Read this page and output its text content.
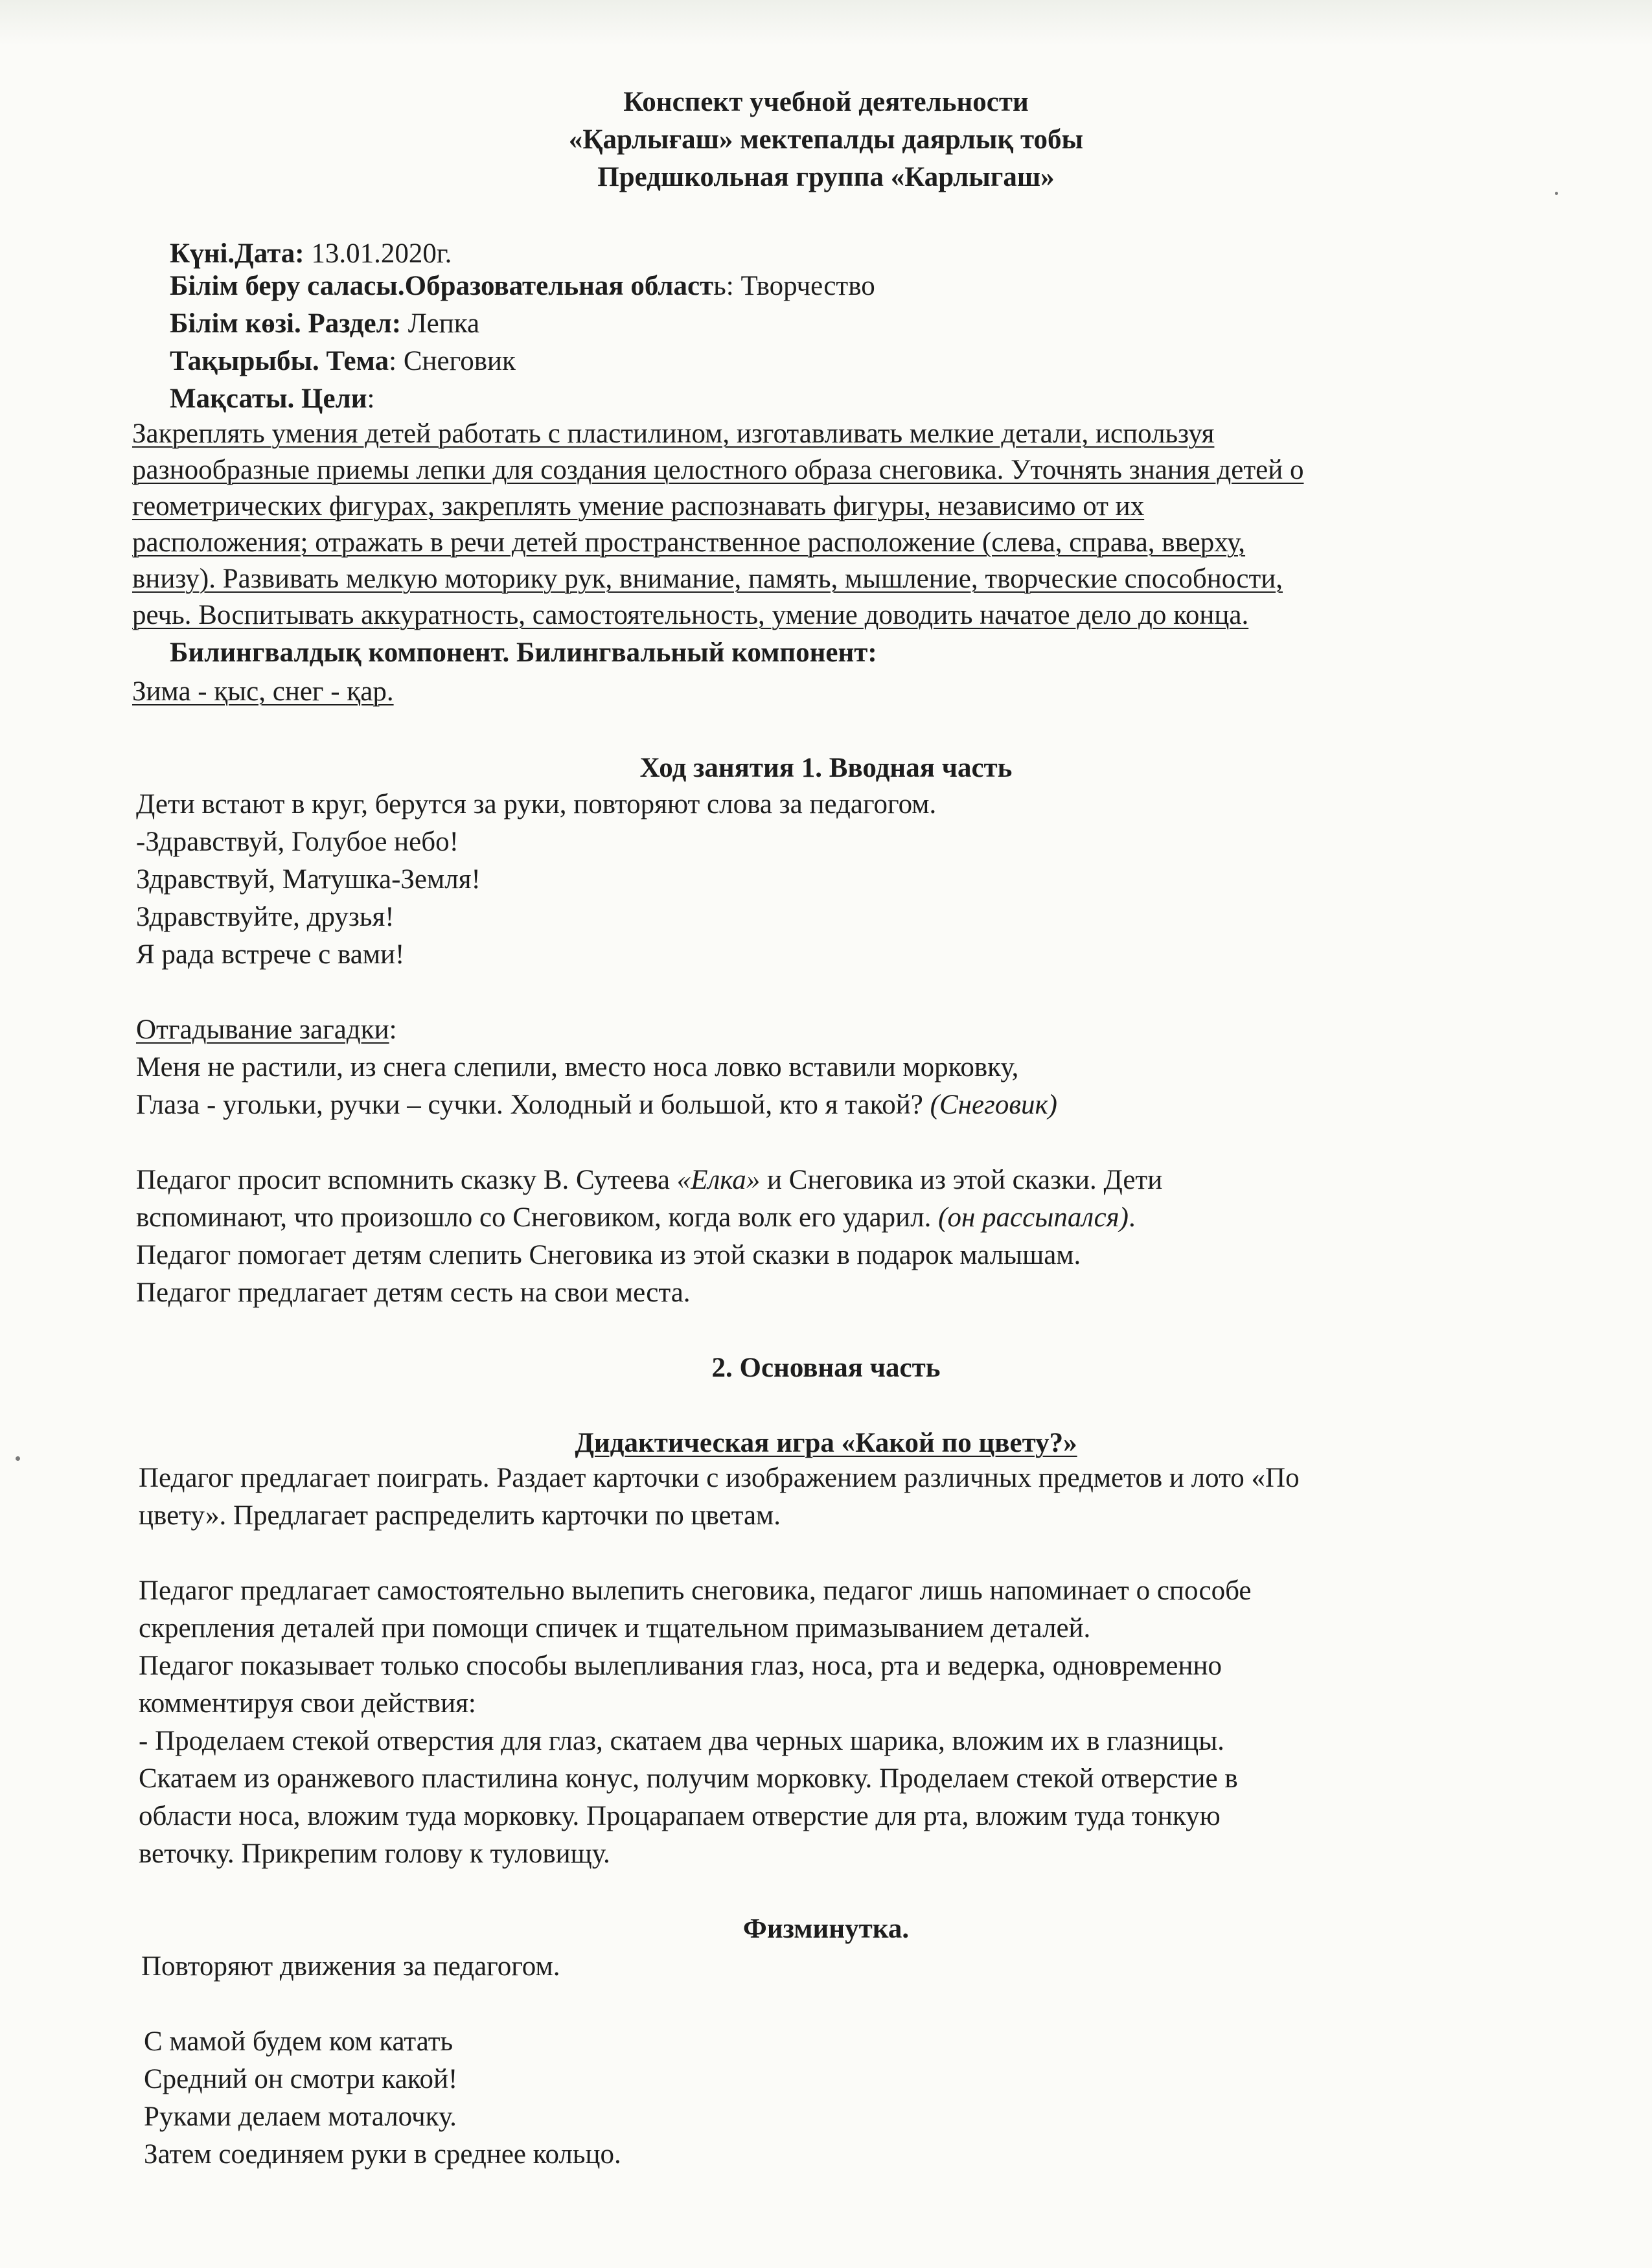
Конспект учебной деятельности
«Қарлығаш» мектепалды даярлық тобы
Предшкольная группа «Карлыгаш»
Күні.Дата: 13.01.2020г.
Білім беру саласы.Образовательная область: Творчество
Білім көзі. Раздел: Лепка
Тақырыбы. Тема: Снеговик
Мақсаты. Цели:
Закреплять умения детей работать с пластилином, изготавливать мелкие детали, используя
разнообразные приемы лепки для создания целостного образа снеговика. Уточнять знания детей о
геометрических фигурах, закреплять умение распознавать фигуры, независимо от их
расположения; отражать в речи детей пространственное расположение (слева, справа, вверху,
внизу). Развивать мелкую моторику рук, внимание, память, мышление, творческие способности,
речь. Воспитывать аккуратность, самостоятельность, умение доводить начатое дело до конца.
Билингвалдық компонент. Билингвальный компонент:
Зима - қыс, снег - қар.
Ход занятия 1. Вводная часть
Дети встают в круг, берутся за руки, повторяют слова за педагогом.
-Здравствуй, Голубое небо!
Здравствуй, Матушка-Земля!
Здравствуйте, друзья!
Я рада встрече с вами!
Отгадывание загадки:
Меня не растили, из снега слепили, вместо носа ловко вставили морковку,
Глаза - угольки, ручки – сучки. Холодный и большой, кто я такой? (Снеговик)
Педагог просит вспомнить сказку В. Сутеева «Елка» и Снеговика из этой сказки. Дети
вспоминают, что произошло со Снеговиком, когда волк его ударил. (он рассыпался).
Педагог помогает детям слепить Снеговика из этой сказки в подарок малышам.
Педагог предлагает детям сесть на свои места.
2. Основная часть
Дидактическая игра «Какой по цвету?»
Педагог предлагает поиграть. Раздает карточки с изображением различных предметов и лото «По
цвету». Предлагает распределить карточки по цветам.
Педагог предлагает самостоятельно вылепить снеговика, педагог лишь напоминает о способе
скрепления деталей при помощи спичек и тщательном примазыванием деталей.
Педагог показывает только способы вылепливания глаз, носа, рта и ведерка, одновременно
комментируя свои действия:
- Проделаем стекой отверстия для глаз, скатаем два черных шарика, вложим их в глазницы.
Скатаем из оранжевого пластилина конус, получим морковку. Проделаем стекой отверстие в
области носа, вложим туда морковку. Процарапаем отверстие для рта, вложим туда тонкую
веточку. Прикрепим голову к туловищу.
Физминутка.
Повторяют движения за педагогом.
С мамой будем ком катать
Средний он смотри какой!
Руками делаем моталочку.
Затем соединяем руки в среднее кольцо.
